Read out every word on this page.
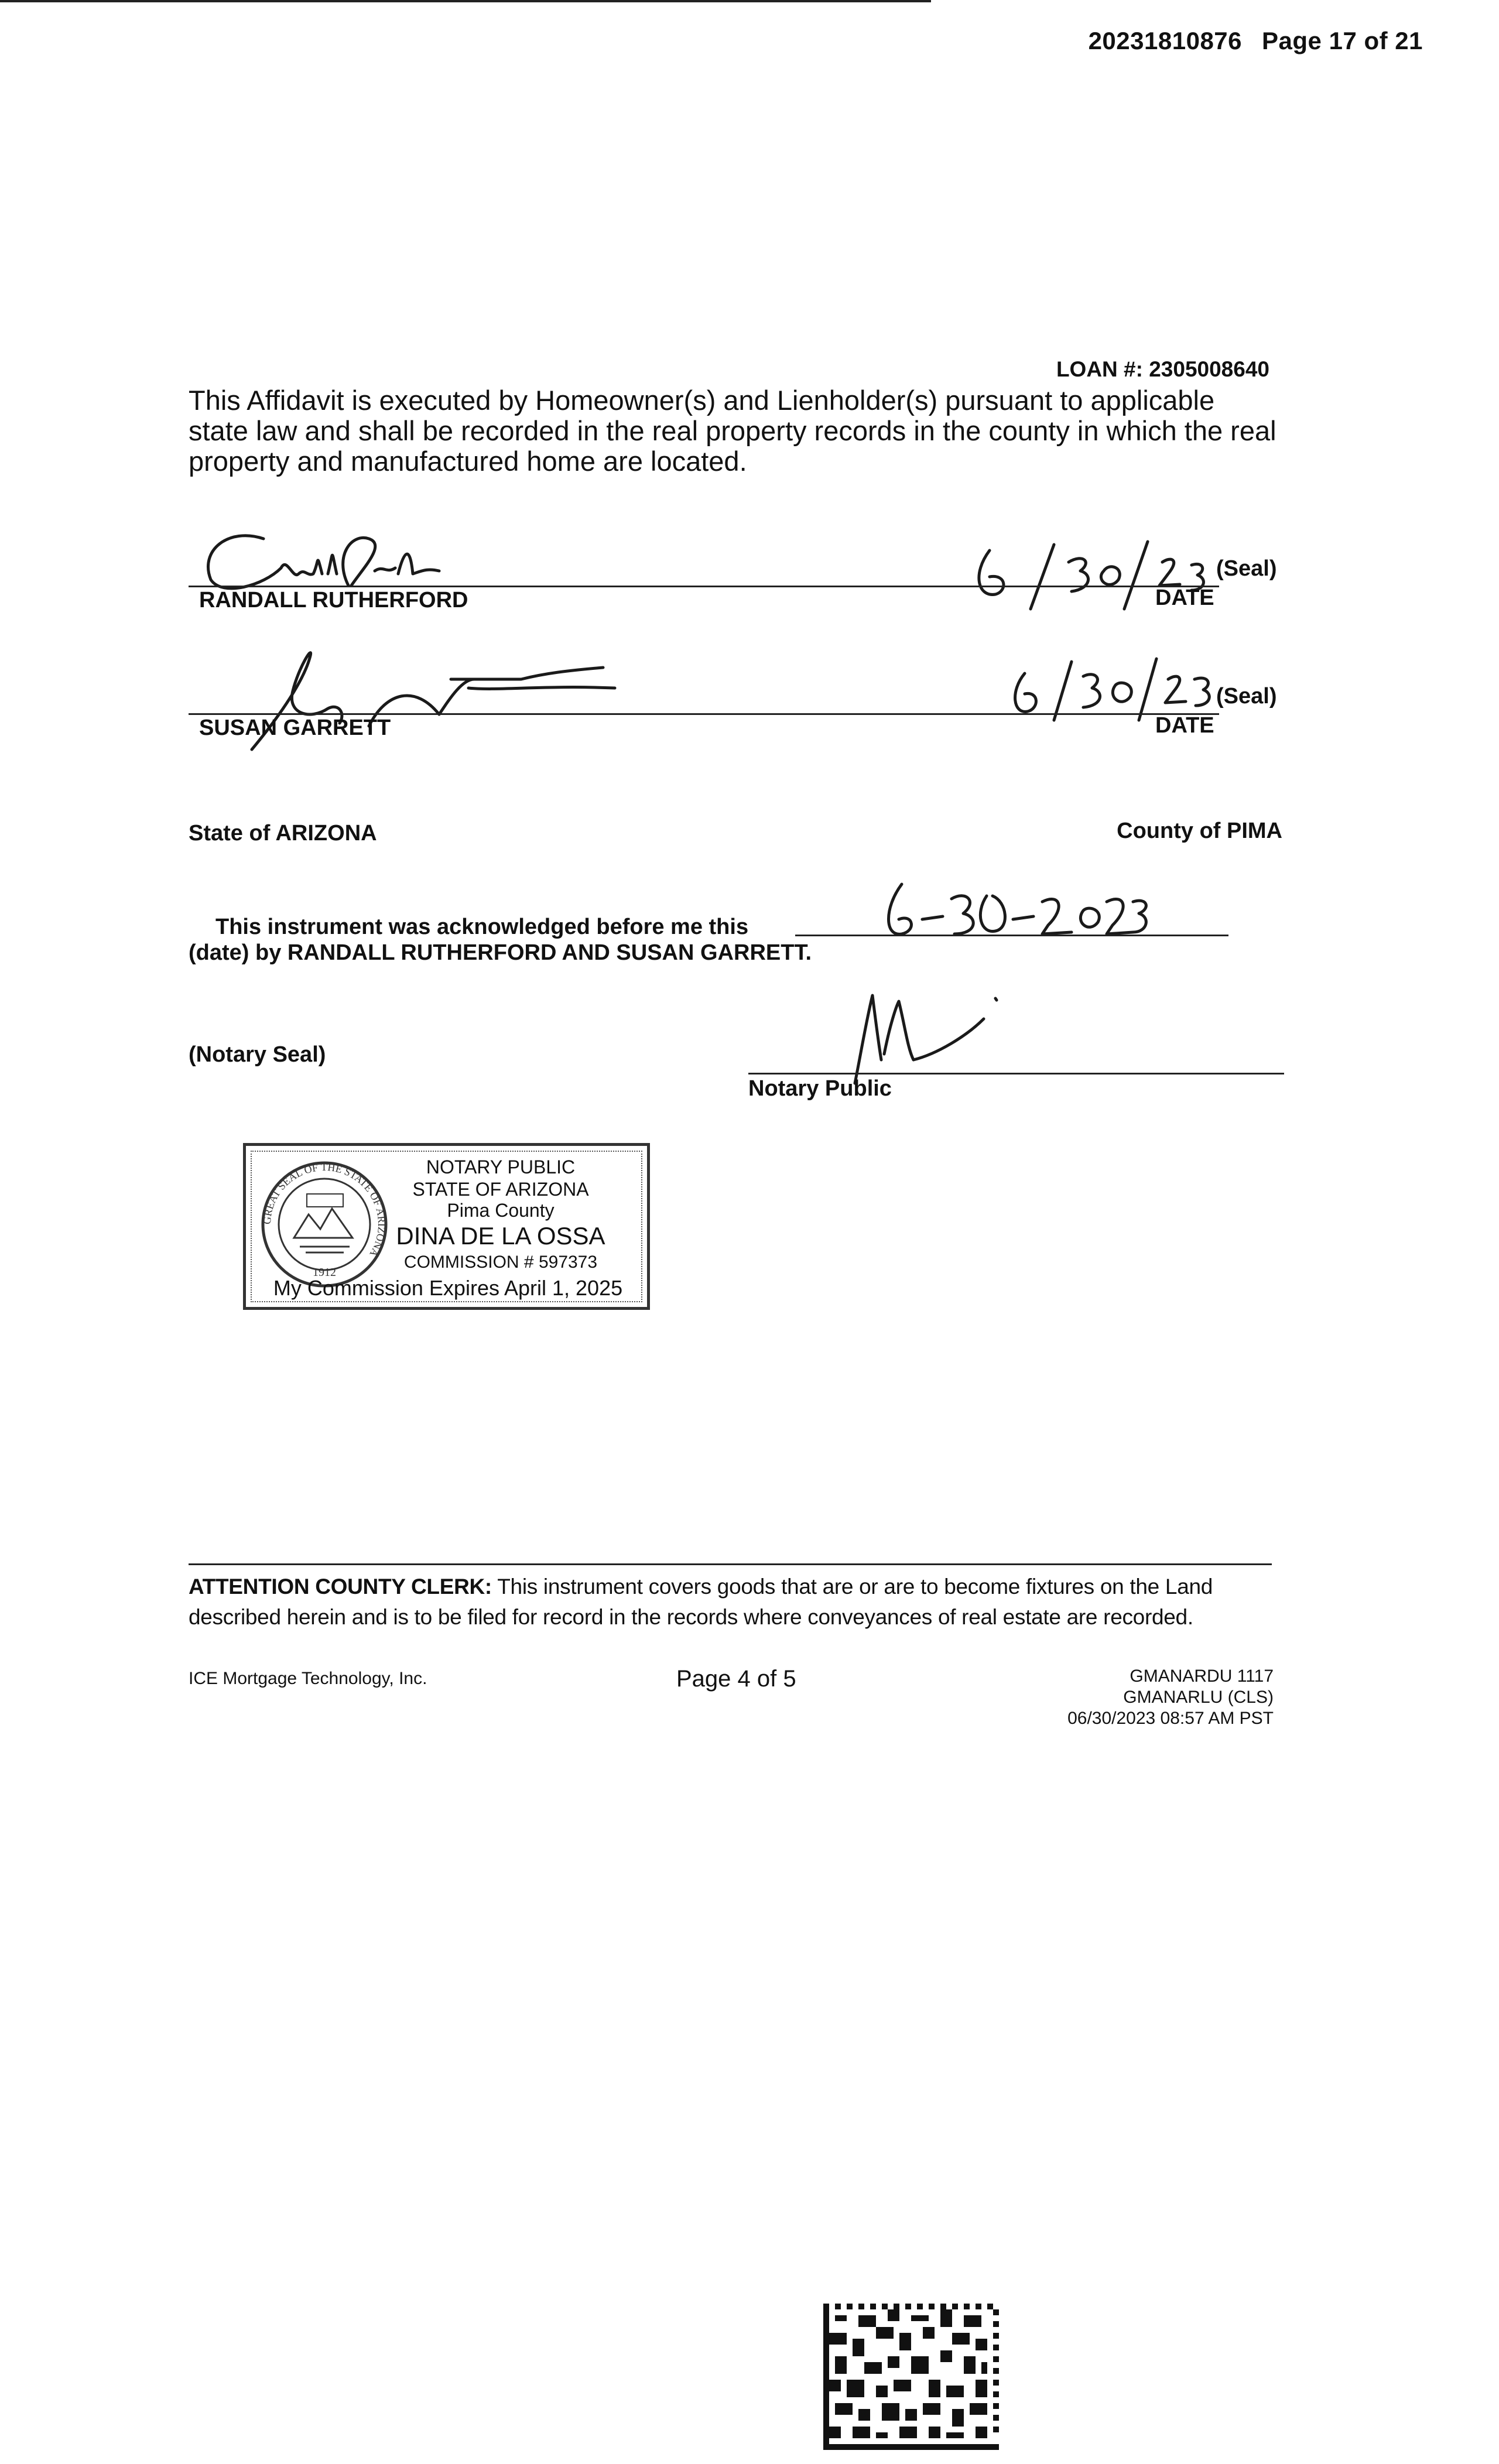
20231810876 Page 17 of 21
LOAN #: 2305008640
This Affidavit is executed by Homeowner(s) and Lienholder(s) pursuant to applicable state law and shall be recorded in the real property records in the county in which the real property and manufactured home are located.
RANDALL RUTHERFORD	DATE
(Seal)
SUSAN GARRETT	DATE
(Seal)
State of ARIZONA	County of PIMA
This instrument was acknowledged before me this
(date) by RANDALL RUTHERFORD AND SUSAN GARRETT.
(Notary Seal)
Notary Public
GREAT SEAL OF THE STATE OF ARIZONA
1912
NOTARY PUBLIC
STATE OF ARIZONA
Pima County
DINA DE LA OSSA
COMMISSION # 597373
My Commission Expires April 1, 2025
ATTENTION COUNTY CLERK: This instrument covers goods that are or are to become fixtures on the Land described herein and is to be filed for record in the records where conveyances of real estate are recorded.
ICE Mortgage Technology, Inc.	Page 4 of 5	GMANARDU 1117
GMANARLU (CLS)
06/30/2023 08:57 AM PST
